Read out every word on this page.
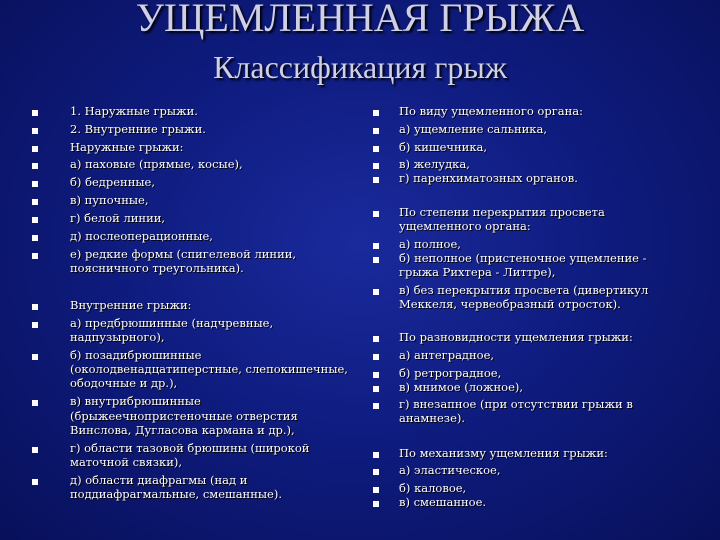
УЩЕМЛЕННАЯ ГРЫЖА
Классификация грыж
1. Наружные грыжи.
2. Внутренние грыжи.
Наружные грыжи:
а) паховые (прямые, косые),
б) бедренные,
в) пупочные,
г) белой линии,
д) послеоперационные,
е) редкие формы (спигелевой линии,
поясничного треугольника).
Внутренние грыжи:
а) предбрюшинные (надчревные,
надпузырного),
б) позадибрюшинные
(околодвенадцатиперстные, слепокишечные,
ободочные и др.),
в) внутрибрюшинные
(брыжеечнопристеночные отверстия
Винслова, Дугласова кармана и др.),
г) области тазовой брюшины (широкой
маточной связки),
д) области диафрагмы (над и
поддиафрагмальные, смешанные).
По виду ущемленного органа:
а) ущемление сальника,
б) кишечника,
в) желудка,
г) паренхиматозных органов.
По степени перекрытия просвета
ущемленного органа:
а) полное,
б) неполное (пристеночное ущемление -
грыжа Рихтера - Литтре),
в) без перекрытия просвета (дивертикул
Меккеля, червеобразный отросток).
По разновидности ущемления грыжи:
а) антеградное,
б) ретроградное,
в) мнимое (ложное),
г) внезапное (при отсутствии грыжи в
анамнезе).
По механизму ущемления грыжи:
а) эластическое,
б) каловое,
в) смешанное.
